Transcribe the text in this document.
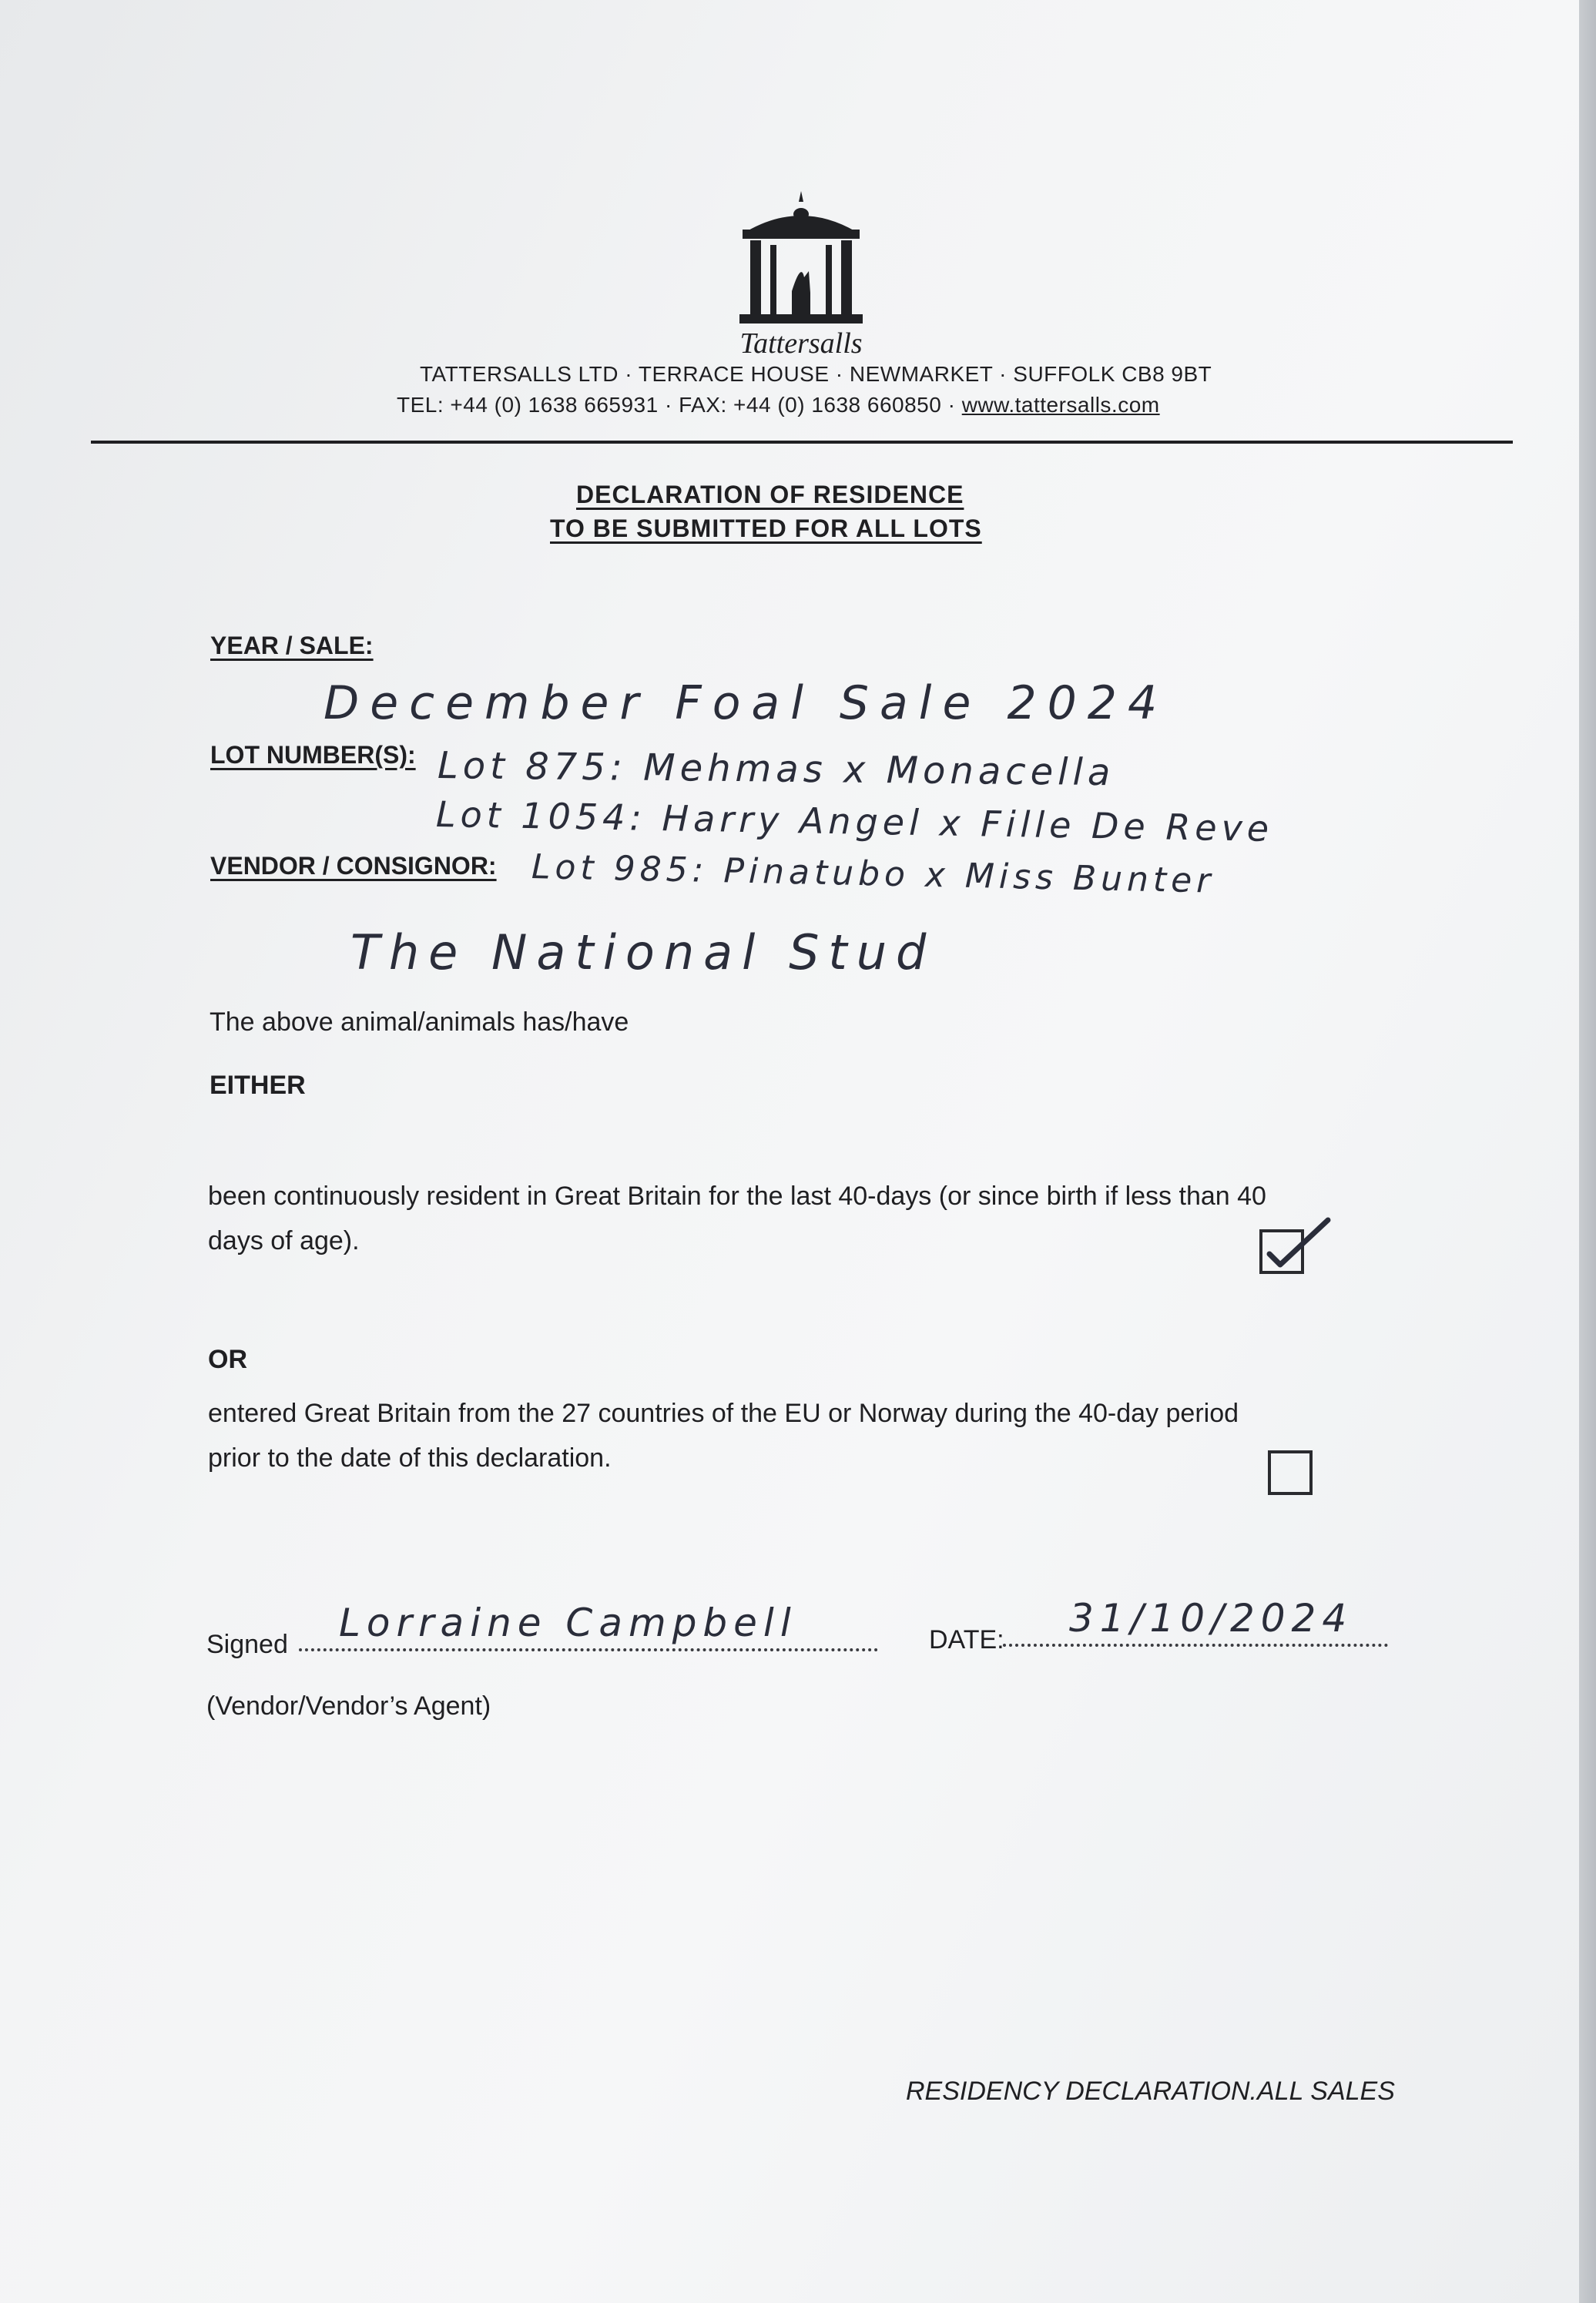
Tattersalls
TATTERSALLS LTD · TERRACE HOUSE · NEWMARKET · SUFFOLK CB8 9BT
TEL: +44 (0) 1638 665931 · FAX: +44 (0) 1638 660850 · www.tattersalls.com
DECLARATION OF RESIDENCE
TO BE SUBMITTED FOR ALL LOTS
YEAR / SALE:
December Foal Sale 2024
LOT NUMBER(S): Lot 875: Mehmas x Monacella
Lot 1054: Harry Angel x Fille De Reve
VENDOR / CONSIGNOR: Lot 985: Pinatubo x Miss Bunter
The National Stud
The above animal/animals has/have
EITHER
been continuously resident in Great Britain for the last 40-days (or since birth if less than 40
days of age).
OR
entered Great Britain from the 27 countries of the EU or Norway during the 40-day period
prior to the date of this declaration.
Signed Lorraine Campbell	DATE: 31/10/2024
(Vendor/Vendor’s Agent)
RESIDENCY DECLARATION.ALL SALES
